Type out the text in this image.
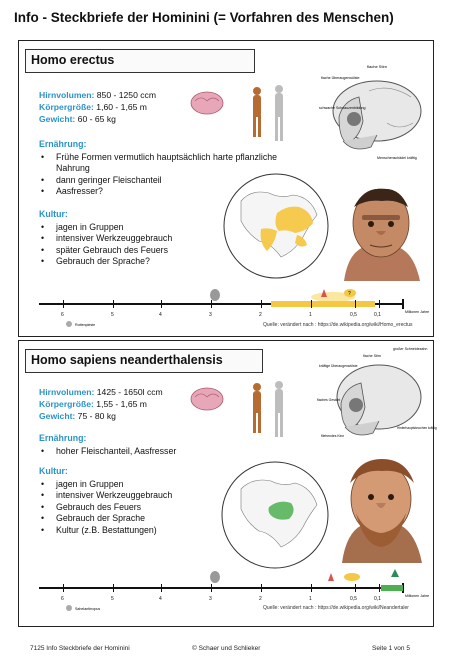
Info - Steckbriefe der Hominini (= Vorfahren des Menschen)
Homo erectus	flache Stirn
flache Überaugenwülste
schwache Schnauzenbildung
Menschenschädel kräftig
Hirnvolumen: 850 - 1250 ccm
Körpergröße: 1,60 - 1,65 m
Gewicht: 60 - 65 kg
Ernährung:
• Frühe Formen vermutlich hauptsächlich harte pflanzliche Nahrung
• dann geringer Fleischanteil
• Aasfresser?
Kultur:
• jagen in Gruppen
• intensiver Werkzeuggebrauch
• später Gebrauch des Feuers
• Gebrauch der Sprache?
?
6	5	4	3	2	1	0,5	0,1	Millionen Jahre
Rottenpieste	Quelle: verändert nach : https://de.wikipedia.org/wiki/Homo_erectus
Homo sapiens neanderthalensis
großer Schneidezahn
flache Stirn
kräftige Überaugenwülste
flaches Gesicht
Hinterhauptsknochen kräftig
fliehendes Kinn
Hirnvolumen: 1425 - 1650l ccm
Körpergröße: 1,55 - 1,65 m
Gewicht: 75 - 80 kg
Ernährung:
• hoher Fleischanteil, Aasfresser
Kultur:
• jagen in Gruppen
• intensiver Werkzeuggebrauch
• Gebrauch des Feuers
• Gebrauch der Sprache
• Kultur (z.B. Bestattungen)
6	5	4	3	2	1	0,5	0,1	Millionen Jahre
Sahelanthropus	Quelle: verändert nach : https://de.wikipedia.org/wiki/Neandertaler
7125 Info Steckbriefe der Hominini	© Schaer und Schlieker	Seite 1 von 5
